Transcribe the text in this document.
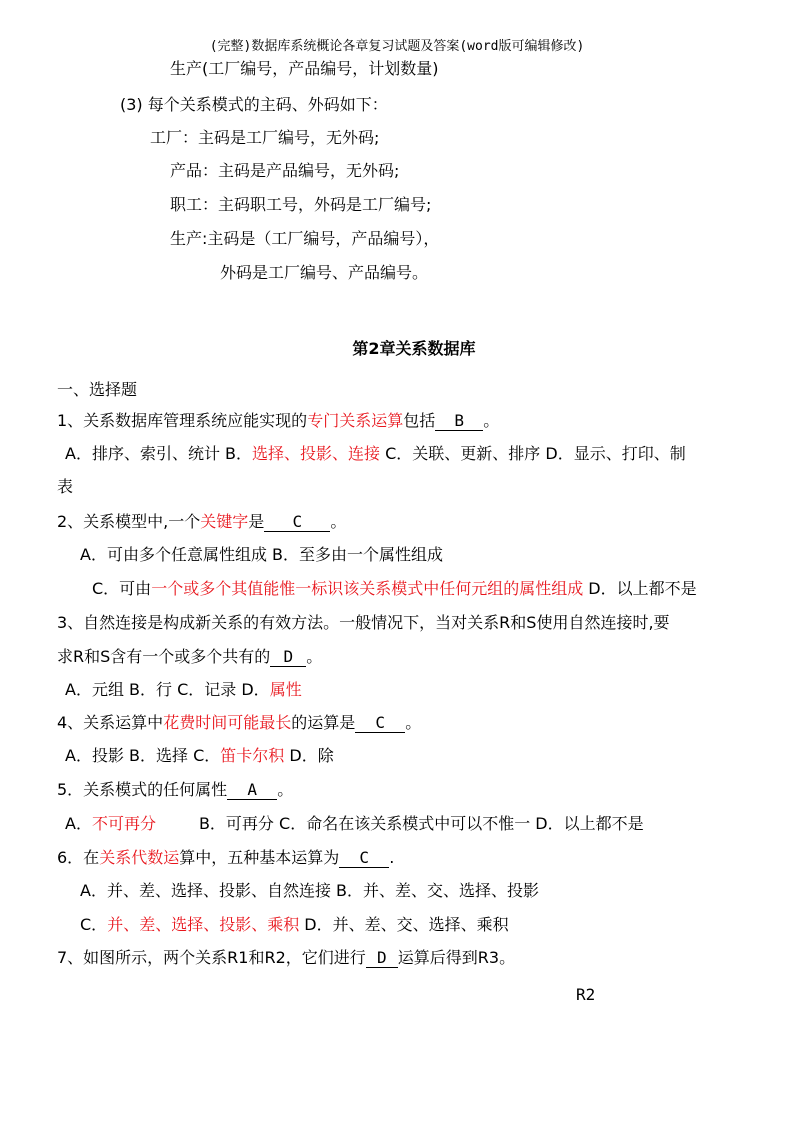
(完整)数据库系统概论各章复习试题及答案(word版可编辑修改)
生产(工厂编号，产品编号，计划数量)
(3) 每个关系模式的主码、外码如下：
工厂：主码是工厂编号，无外码;
产品：主码是产品编号，无外码;
职工：主码职工号，外码是工厂编号;
生产:主码是（工厂编号，产品编号），
外码是工厂编号、产品编号。
第2章关系数据库
一、选择题
1、关系数据库管理系统应能实现的专门关系运算包括 B 。
A．排序、索引、统计 B．选择、投影、连接 C．关联、更新、排序 D．显示、打印、制
表
2、关系模型中,一个关键字是 C 。
A．可由多个任意属性组成 B．至多由一个属性组成
C．可由一个或多个其值能惟一标识该关系模式中任何元组的属性组成 D．以上都不是
3、自然连接是构成新关系的有效方法。一般情况下，当对关系R和S使用自然连接时,要
求R和S含有一个或多个共有的 D 。
A．元组 B．行 C．记录 D．属性
4、关系运算中花费时间可能最长的运算是 C 。
A．投影 B．选择 C．笛卡尔积 D．除
5．关系模式的任何属性 A 。
A．不可再分	B．可再分 C．命名在该关系模式中可以不惟一 D．以上都不是
6．在关系代数运算中，五种基本运算为 C .
A．并、差、选择、投影、自然连接 B．并、差、交、选择、投影
C．并、差、选择、投影、乘积 D．并、差、交、选择、乘积
7、如图所示，两个关系R1和R2，它们进行 D 运算后得到R3。
R2
